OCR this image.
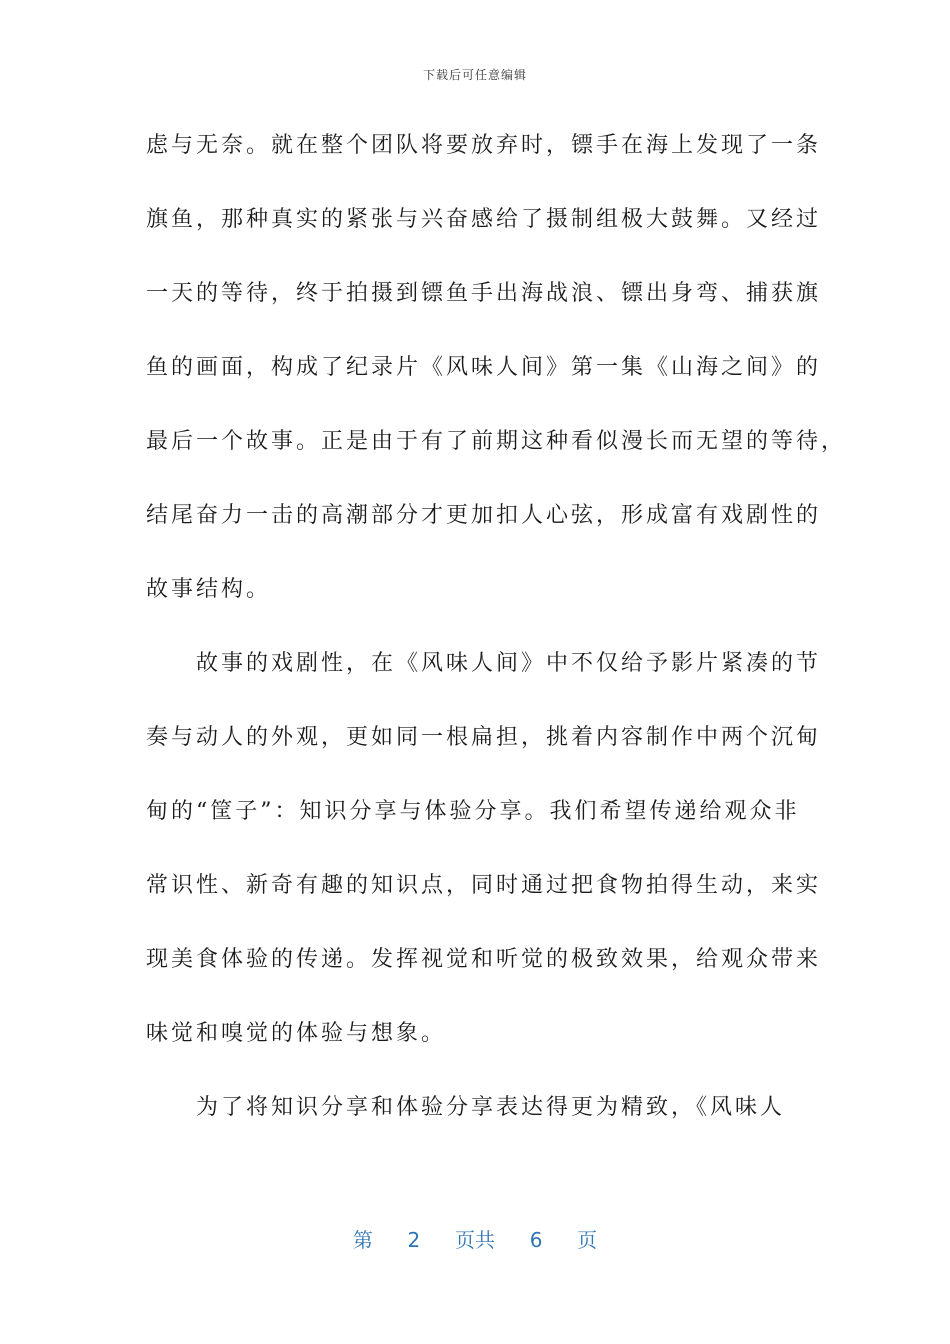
下载后可任意编辑
虑与无奈。就在整个团队将要放弃时，镖手在海上发现了一条
旗鱼，那种真实的紧张与兴奋感给了摄制组极大鼓舞。又经过
一天的等待，终于拍摄到镖鱼手出海战浪、镖出身弯、捕获旗
鱼的画面，构成了纪录片《风味人间》第一集《山海之间》的
最后一个故事。正是由于有了前期这种看似漫长而无望的等待，
结尾奋力一击的高潮部分才更加扣人心弦，形成富有戏剧性的
故事结构。
　　故事的戏剧性，在《风味人间》中不仅给予影片紧凑的节
奏与动人的外观，更如同一根扁担，挑着内容制作中两个沉甸
甸的“筐子”：知识分享与体验分享。我们希望传递给观众非
常识性、新奇有趣的知识点，同时通过把食物拍得生动，来实
现美食体验的传递。发挥视觉和听觉的极致效果，给观众带来
味觉和嗅觉的体验与想象。
　　为了将知识分享和体验分享表达得更为精致，《风味人
第 2 页共 6 页
